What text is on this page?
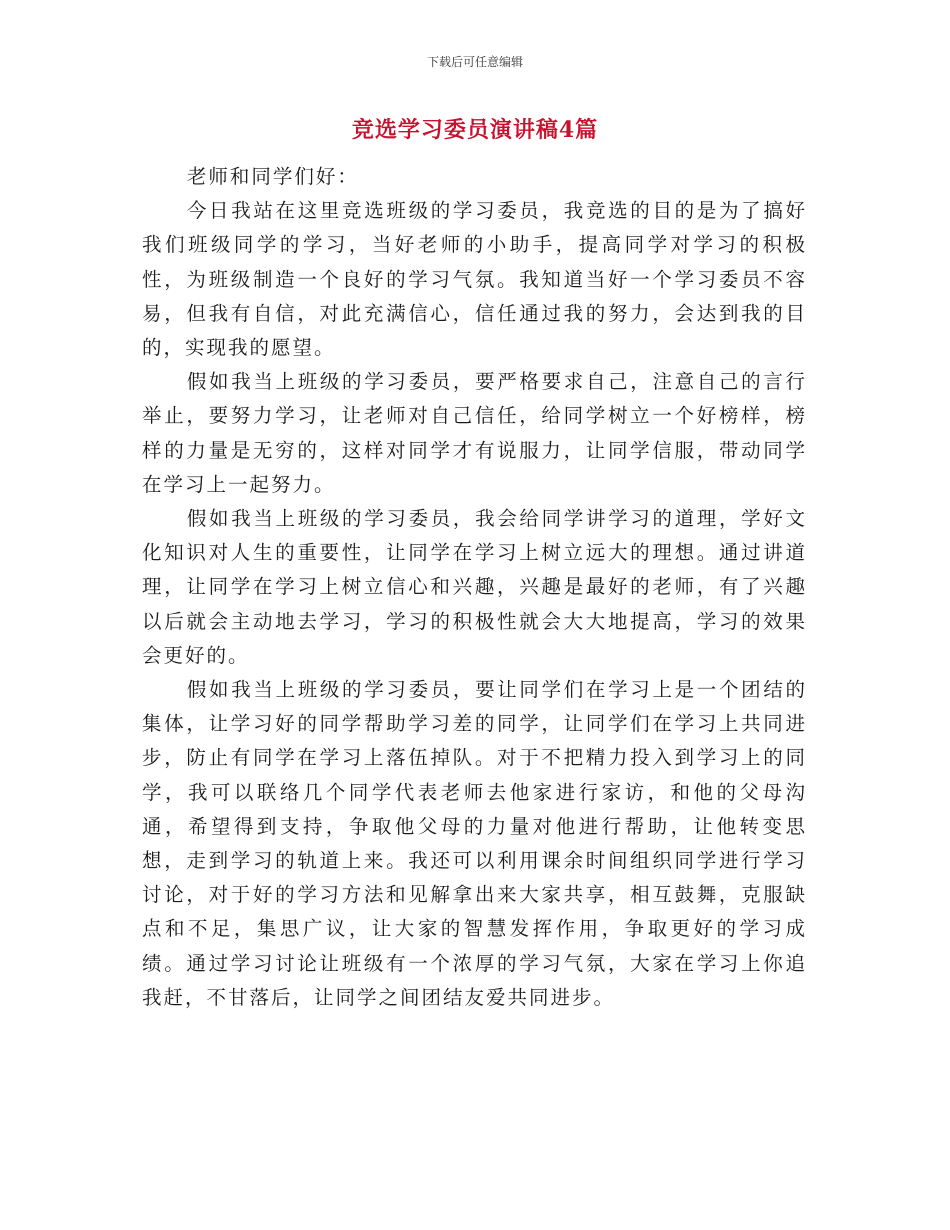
下载后可任意编辑
竞选学习委员演讲稿4篇

老师和同学们好：

今日我站在这里竞选班级的学习委员，我竞选的目的是为了搞好我们班级同学的学习，当好老师的小助手，提高同学对学习的积极性，为班级制造一个良好的学习气氛。我知道当好一个学习委员不容易，但我有自信，对此充满信心，信任通过我的努力，会达到我的目的，实现我的愿望。

假如我当上班级的学习委员，要严格要求自己，注意自己的言行举止，要努力学习，让老师对自己信任，给同学树立一个好榜样，榜样的力量是无穷的，这样对同学才有说服力，让同学信服，带动同学在学习上一起努力。

假如我当上班级的学习委员，我会给同学讲学习的道理，学好文化知识对人生的重要性，让同学在学习上树立远大的理想。通过讲道理，让同学在学习上树立信心和兴趣，兴趣是最好的老师，有了兴趣以后就会主动地去学习，学习的积极性就会大大地提高，学习的效果会更好的。

假如我当上班级的学习委员，要让同学们在学习上是一个团结的集体，让学习好的同学帮助学习差的同学，让同学们在学习上共同进步，防止有同学在学习上落伍掉队。对于不把精力投入到学习上的同学，我可以联络几个同学代表老师去他家进行家访，和他的父母沟通，希望得到支持，争取他父母的力量对他进行帮助，让他转变思想，走到学习的轨道上来。我还可以利用课余时间组织同学进行学习讨论，对于好的学习方法和见解拿出来大家共享，相互鼓舞，克服缺点和不足，集思广议，让大家的智慧发挥作用，争取更好的学习成绩。通过学习讨论让班级有一个浓厚的学习气氛，大家在学习上你追我赶，不甘落后，让同学之间团结友爱共同进步。
